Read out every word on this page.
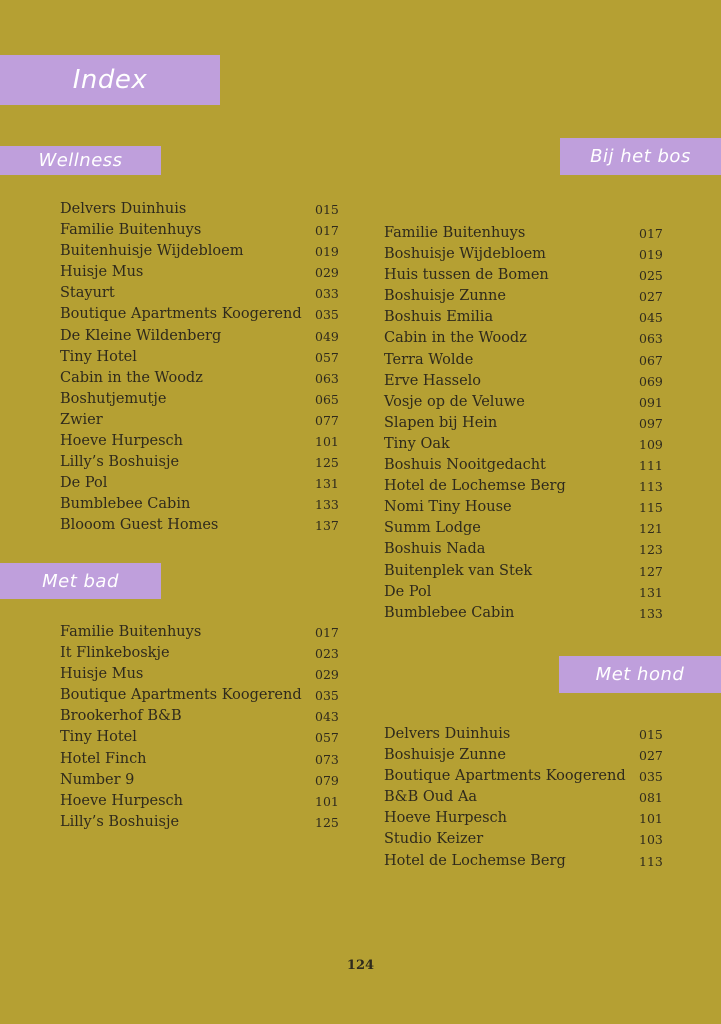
Index
Wellness
Delvers Duinhuis	015
Familie Buitenhuys	017
Buitenhuisje Wijdebloem	019
Huisje Mus	029
Stayurt	033
Boutique Apartments Koogerend 035
De Kleine Wildenberg	049
Tiny Hotel	057
Cabin in the Woodz	063
Boshutjemutje	065
Zwier	077
Hoeve Hurpesch	101
Lilly’s Boshuisje	125
De Pol	131
Bumblebee Cabin	133
Blooom Guest Homes	137
Met bad
Familie Buitenhuys	017
It Flinkeboskje	023
Huisje Mus	029
Boutique Apartments Koogerend 035
Brookerhof B&B	043
Tiny Hotel	057
Hotel Finch	073
Number 9	079
Hoeve Hurpesch	101
Lilly’s Boshuisje	125
Bij het bos
Familie Buitenhuys	017
Boshuisje Wijdebloem	019
Huis tussen de Bomen	025
Boshuisje Zunne	027
Boshuis Emilia	045
Cabin in the Woodz	063
Terra Wolde	067
Erve Hasselo	069
Vosje op de Veluwe	091
Slapen bij Hein	097
Tiny Oak	109
Boshuis Nooitgedacht	111
Hotel de Lochemse Berg	113
Nomi Tiny House	115
Summ Lodge	121
Boshuis Nada	123
Buitenplek van Stek	127
De Pol	131
Bumblebee Cabin	133
Met hond
Delvers Duinhuis	015
Boshuisje Zunne	027
Boutique Apartments Koogerend 035
B&B Oud Aa	081
Hoeve Hurpesch	101
Studio Keizer	103
Hotel de Lochemse Berg	113
124
